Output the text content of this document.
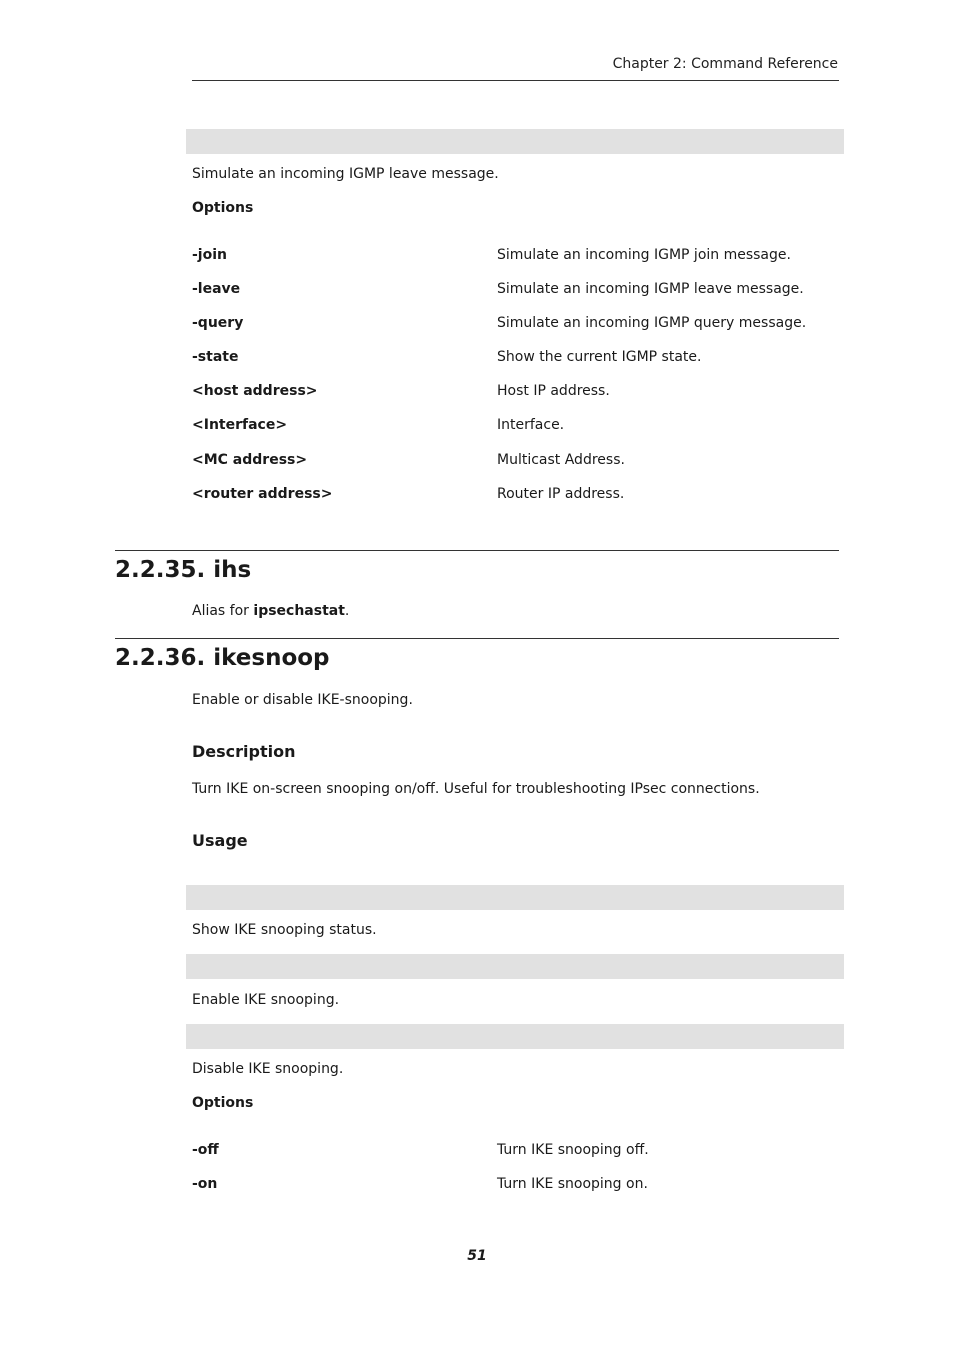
Chapter 2: Command Reference
Simulate an incoming IGMP leave message.
Options
-join	Simulate an incoming IGMP join message.
-leave	Simulate an incoming IGMP leave message.
-query	Simulate an incoming IGMP query message.
-state	Show the current IGMP state.
<host address>	Host IP address.
<Interface>	Interface.
<MC address>	Multicast Address.
<router address>	Router IP address.
2.2.35. ihs
Alias for ipsechastat.
2.2.36. ikesnoop
Enable or disable IKE-snooping.
Description
Turn IKE on-screen snooping on/off. Useful for troubleshooting IPsec connections.
Usage
Show IKE snooping status.
Enable IKE snooping.
Disable IKE snooping.
Options
-off	Turn IKE snooping off.
-on	Turn IKE snooping on.
51
